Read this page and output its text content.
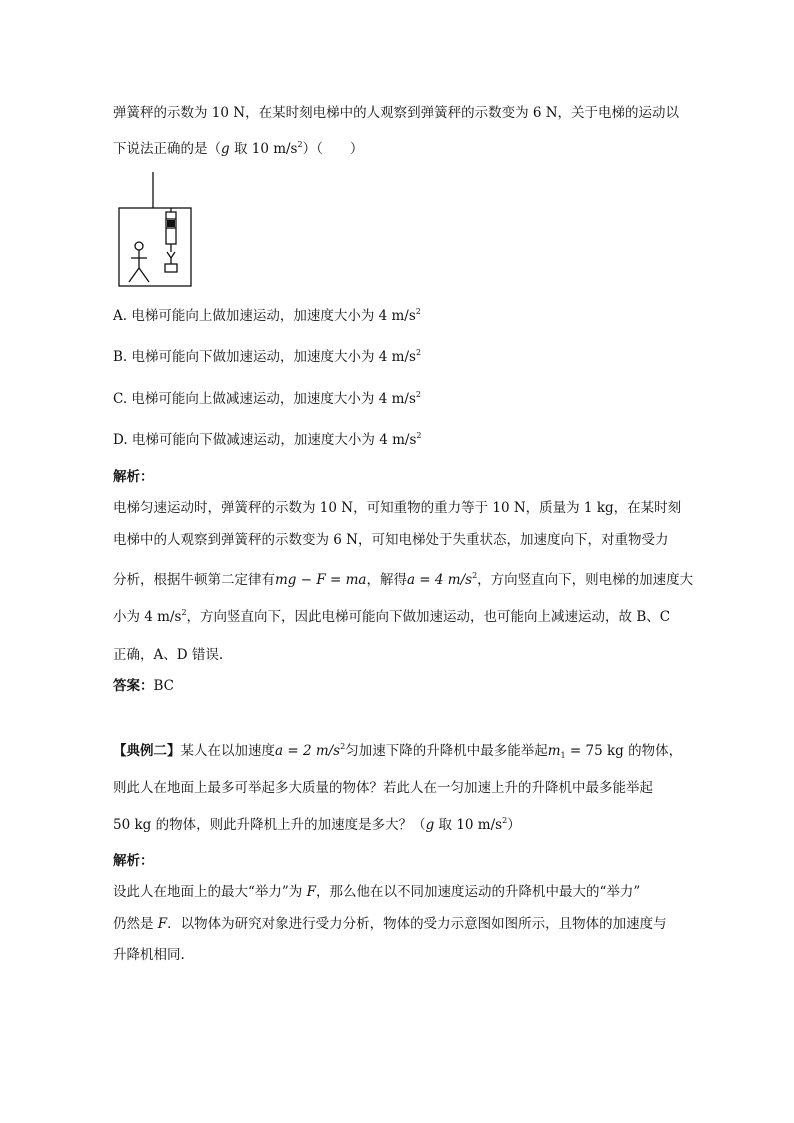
弹簧秤的示数为 10 N，在某时刻电梯中的人观察到弹簧秤的示数变为 6 N，关于电梯的运动以
下说法正确的是（g 取 10 $m/s^2$）（　　）
A. 电梯可能向上做加速运动，加速度大小为 4 $m/s^2$
B. 电梯可能向下做加速运动，加速度大小为 4 $m/s^2$
C. 电梯可能向上做减速运动，加速度大小为 4 $m/s^2$
D. 电梯可能向下做减速运动，加速度大小为 4 $m/s^2$
解析：
电梯匀速运动时，弹簧秤的示数为 10 N，可知重物的重力等于 10 N，质量为 1 kg，在某时刻
电梯中的人观察到弹簧秤的示数变为 6 N，可知电梯处于失重状态，加速度向下，对重物受力
分析，根据牛顿第二定律有mg − F = ma，解得a = 4 $m/s^2$，方向竖直向下，则电梯的加速度大
小为 4 $m/s^2$，方向竖直向下，因此电梯可能向下做加速运动，也可能向上减速运动，故 B、C
正确，A、D 错误.
答案：BC
【典例二】某人在以加速度a = 2 $m/s^2$匀加速下降的升降机中最多能举起$m_1 = 75$ kg 的物体，
则此人在地面上最多可举起多大质量的物体？若此人在一匀加速上升的升降机中最多能举起
50 kg 的物体，则此升降机上升的加速度是多大？（g 取 10 $m/s^2$）
解析：
设此人在地面上的最大“举力”为 F，那么他在以不同加速度运动的升降机中最大的“举力”
仍然是 F．以物体为研究对象进行受力分析，物体的受力示意图如图所示，且物体的加速度与
升降机相同.
